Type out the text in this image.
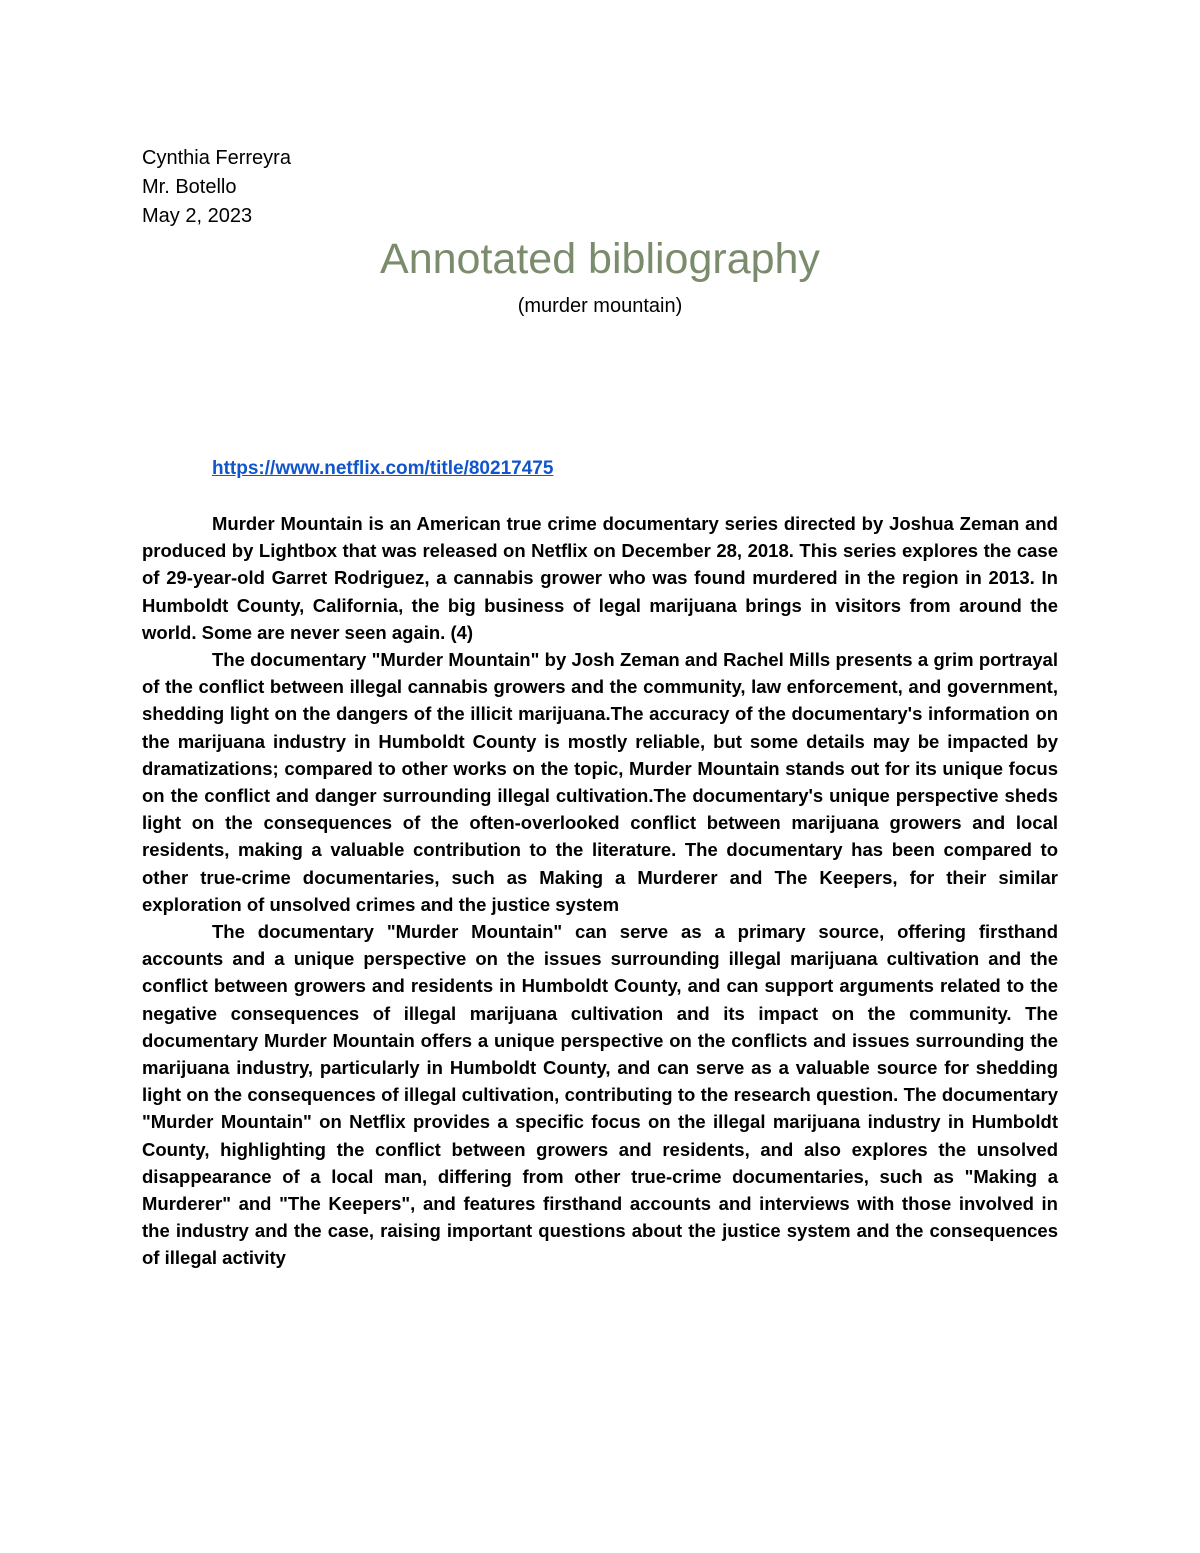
Cynthia Ferreyra
Mr. Botello
May 2, 2023
Annotated bibliography
(murder mountain)
https://www.netflix.com/title/80217475

Murder Mountain is an American true crime documentary series directed by Joshua Zeman and produced by Lightbox that was released on Netflix on December 28, 2018. This series explores the case of 29-year-old Garret Rodriguez, a cannabis grower who was found murdered in the region in 2013. In Humboldt County, California, the big business of legal marijuana brings in visitors from around the world. Some are never seen again. (4)

The documentary "Murder Mountain" by Josh Zeman and Rachel Mills presents a grim portrayal of the conflict between illegal cannabis growers and the community, law enforcement, and government, shedding light on the dangers of the illicit marijuana.The accuracy of the documentary's information on the marijuana industry in Humboldt County is mostly reliable, but some details may be impacted by dramatizations; compared to other works on the topic, Murder Mountain stands out for its unique focus on the conflict and danger surrounding illegal cultivation.The documentary's unique perspective sheds light on the consequences of the often-overlooked conflict between marijuana growers and local residents, making a valuable contribution to the literature. The documentary has been compared to other true-crime documentaries, such as Making a Murderer and The Keepers, for their similar exploration of unsolved crimes and the justice system

The documentary "Murder Mountain" can serve as a primary source, offering firsthand accounts and a unique perspective on the issues surrounding illegal marijuana cultivation and the conflict between growers and residents in Humboldt County, and can support arguments related to the negative consequences of illegal marijuana cultivation and its impact on the community. The documentary Murder Mountain offers a unique perspective on the conflicts and issues surrounding the marijuana industry, particularly in Humboldt County, and can serve as a valuable source for shedding light on the consequences of illegal cultivation, contributing to the research question. The documentary "Murder Mountain" on Netflix provides a specific focus on the illegal marijuana industry in Humboldt County, highlighting the conflict between growers and residents, and also explores the unsolved disappearance of a local man, differing from other true-crime documentaries, such as "Making a Murderer" and "The Keepers", and features firsthand accounts and interviews with those involved in the industry and the case, raising important questions about the justice system and the consequences of illegal activity
